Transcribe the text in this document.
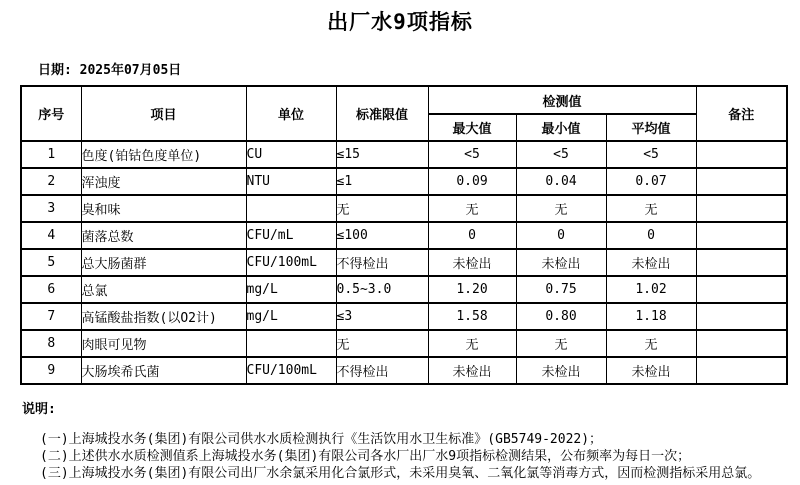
出厂水9项指标
日期: 2025年07月05日
序号	项目	单位	标准限值	检测值			备注
				最大值	最小值	平均值	
1	色度(铂钴色度单位)	CU	≤15	<5	<5	<5	
2	浑浊度	NTU	≤1	0.09	0.04	0.07	
3	臭和味		无	无	无	无	
4	菌落总数	CFU/mL	≤100	0	0	0	
5	总大肠菌群	CFU/100mL	不得检出	未检出	未检出	未检出	
6	总氯	mg/L	0.5~3.0	1.20	0.75	1.02	
7	高锰酸盐指数(以O2计)	mg/L	≤3	1.58	0.80	1.18	
8	肉眼可见物		无	无	无	无	
9	大肠埃希氏菌	CFU/100mL	不得检出	未检出	未检出	未检出	
说明:
(一)上海城投水务(集团)有限公司供水水质检测执行《生活饮用水卫生标准》(GB5749-2022)；
(二)上述供水水质检测值系上海城投水务(集团)有限公司各水厂出厂水9项指标检测结果，公布频率为每日一次；
(三)上海城投水务(集团)有限公司出厂水余氯采用化合氯形式，未采用臭氧、二氧化氯等消毒方式，因而检测指标采用总氯。
